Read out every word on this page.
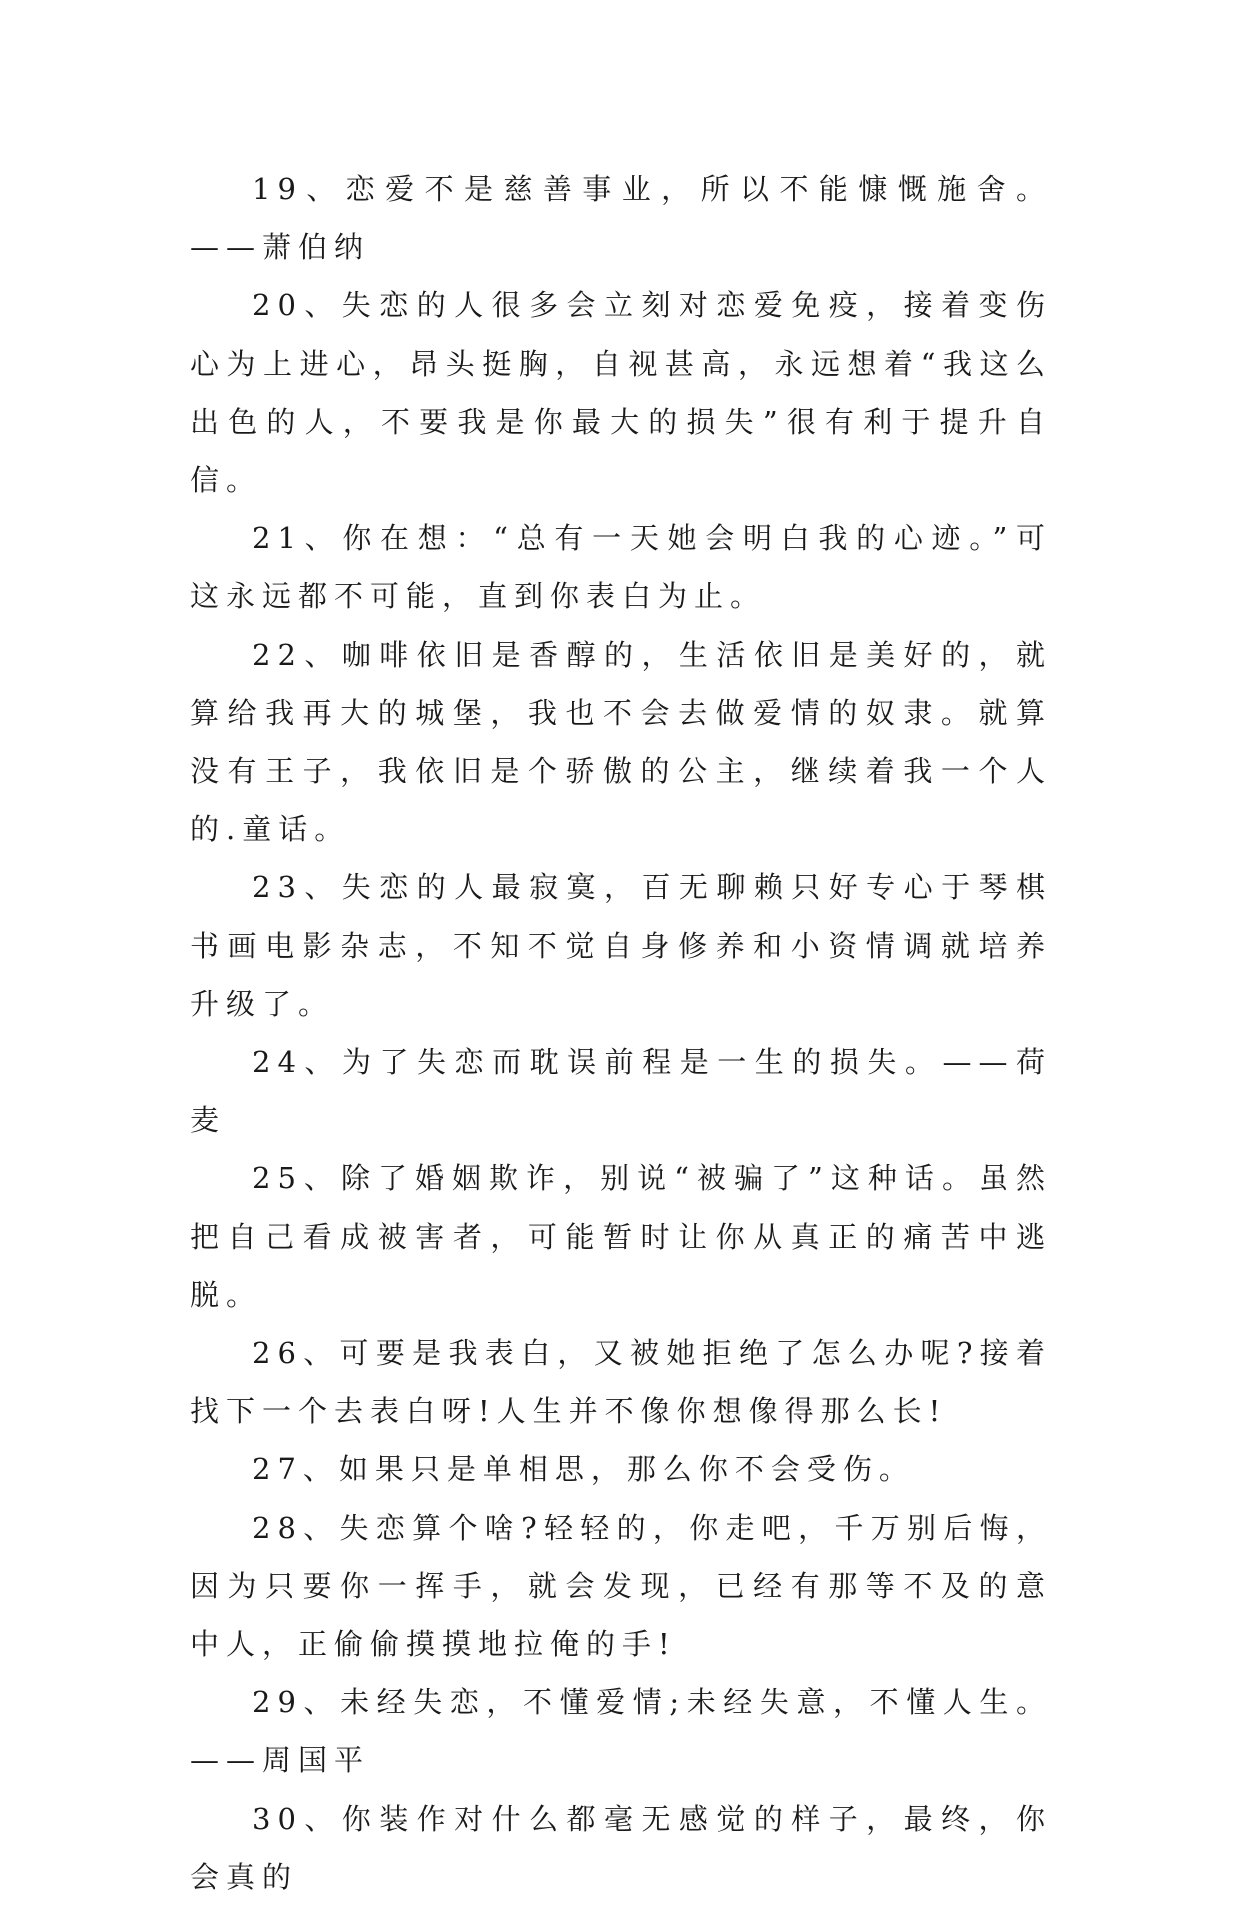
19、恋爱不是慈善事业，所以不能慷慨施舍。——萧伯纳

20、失恋的人很多会立刻对恋爱免疫，接着变伤心为上进心，昂头挺胸，自视甚高，永远想着“我这么出色的人，不要我是你最大的损失”很有利于提升自信。

21、你在想：“总有一天她会明白我的心迹。”可这永远都不可能，直到你表白为止。

22、咖啡依旧是香醇的，生活依旧是美好的，就算给我再大的城堡，我也不会去做爱情的奴隶。就算没有王子，我依旧是个骄傲的公主，继续着我一个人的.童话。

23、失恋的人最寂寞，百无聊赖只好专心于琴棋书画电影杂志，不知不觉自身修养和小资情调就培养升级了。

24、为了失恋而耽误前程是一生的损失。——荷麦

25、除了婚姻欺诈，别说“被骗了”这种话。虽然把自己看成被害者，可能暂时让你从真正的痛苦中逃脱。

26、可要是我表白，又被她拒绝了怎么办呢?接着找下一个去表白呀!人生并不像你想像得那么长!

27、如果只是单相思，那么你不会受伤。

28、失恋算个啥?轻轻的，你走吧，千万别后悔，因为只要你一挥手，就会发现，已经有那等不及的意中人，正偷偷摸摸地拉俺的手!

29、未经失恋，不懂爱情;未经失意，不懂人生。——周国平

30、你装作对什么都毫无感觉的样子，最终，你会真的
